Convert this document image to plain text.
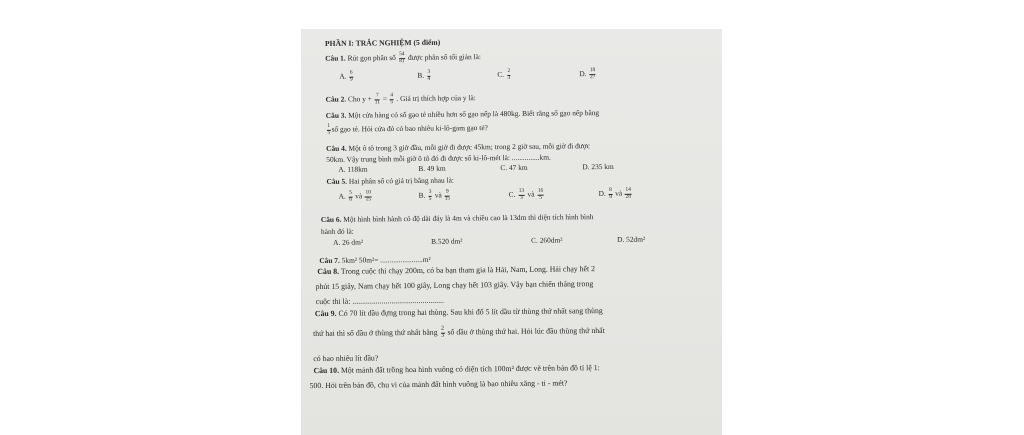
PHẦN I: TRẮC NGHIỆM (5 điểm)
Câu 1. Rút gọn phân số $\frac{54}{81}$ được phân số tối giản là:
A. $\frac{6}{9}$	B. $\frac{3}{4}$	C. $\frac{2}{3}$	D. $\frac{18}{27}$
Câu 2. Cho $y + \frac{7}{11} = \frac{4}{5}$ . Giá trị thích hợp của y là:
Câu 3. Một cửa hàng có số gạo tẻ nhiều hơn số gạo nếp là 480kg. Biết rằng số gạo nếp bằng
$\frac{1}{5}$ số gạo tẻ. Hỏi cửa đó có bao nhiêu ki-lô-gam gạo tẻ?
Câu 4. Một ô tô trong 3 giờ đầu, mỗi giờ đi được 45km; trong 2 giờ sau, mỗi giờ đi được
50km. Vậy trung bình mỗi giờ ô tô đó đi được số ki-lô-mét là: ...............km.
A. 118km	B. 49 km	C. 47 km	D. 235 km
Câu 5. Hai phân số có giá trị bằng nhau là:
A. $\frac{5}{8}$ và $\frac{10}{15}$	B. $\frac{3}{5}$ và $\frac{9}{15}$	C. $\frac{13}{3}$ và $\frac{16}{5}$	D. $\frac{8}{9}$ và $\frac{14}{28}$
Câu 6. Một hình bình hành có độ dài đáy là 4m và chiều cao là 13dm thì diện tích hình bình
hành đó là:
A. 26 dm²	B.520 dm²	C. 260dm²	D. 52dm²
Câu 7. 5km² 50m²= .......................m²
Câu 8. Trong cuộc thi chạy 200m, có ba bạn tham gia là Hải, Nam, Long. Hải chạy hết 2
phút 15 giây, Nam chạy hết 100 giây, Long chạy hết 103 giây. Vậy bạn chiến thắng trong
cuộc thi là: ...............................................
Câu 9. Có 70 lít dầu đựng trong hai thùng. Sau khi đổ 5 lít dầu từ thùng thứ nhất sang thùng
thứ hai thì số dầu ở thùng thứ nhất bằng $\frac{2}{3}$ số dầu ở thùng thứ hai. Hỏi lúc đầu thùng thứ nhất
có bao nhiêu lít dầu?
Câu 10. Một mảnh đất trồng hoa hình vuông có diện tích 100m² được vẽ trên bản đồ tỉ lệ 1:
500. Hỏi trên bản đồ, chu vi của mảnh đất hình vuông là bao nhiêu xăng - ti - mét?
